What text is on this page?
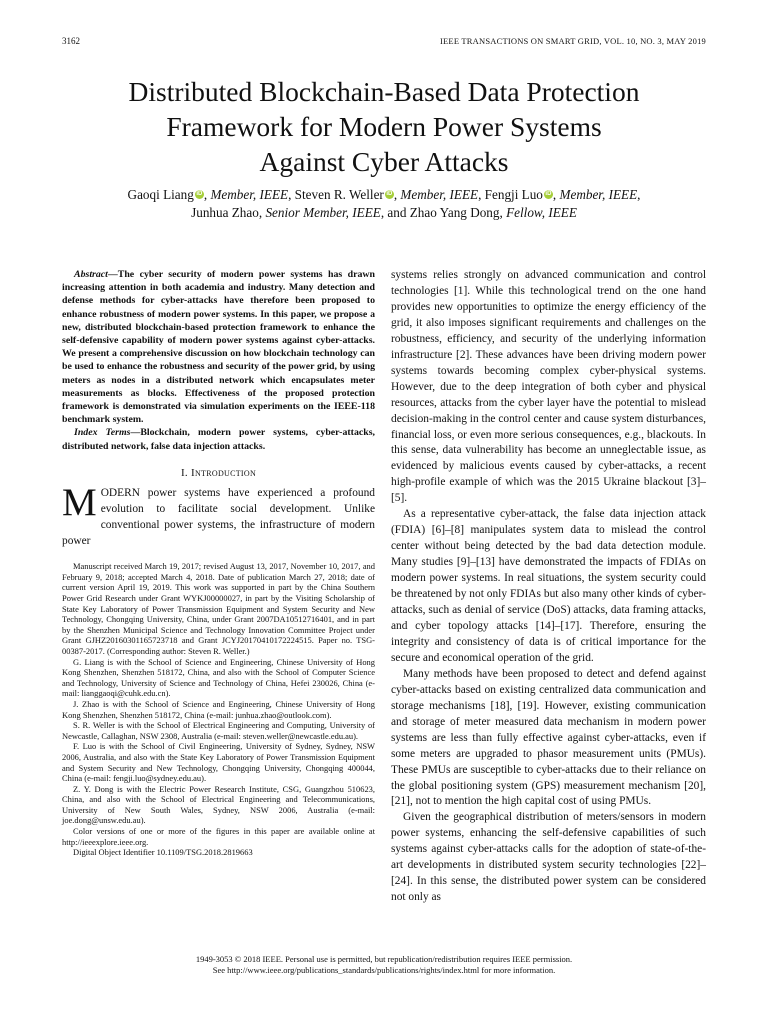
3162	IEEE TRANSACTIONS ON SMART GRID, VOL. 10, NO. 3, MAY 2019
Distributed Blockchain-Based Data Protection
Framework for Modern Power Systems
Against Cyber Attacks
Gaoqi Liang iD , Member, IEEE, Steven R. Weller iD , Member, IEEE, Fengji Luo iD , Member, IEEE,
Junhua Zhao, Senior Member, IEEE, and Zhao Yang Dong, Fellow, IEEE

Abstract—The cyber security of modern power systems has drawn increasing attention in both academia and industry. Many detection and defense methods for cyber-attacks have therefore been proposed to enhance robustness of modern power systems. In this paper, we propose a new, distributed blockchain-based protection framework to enhance the self-defensive capability of modern power systems against cyber-attacks. We present a comprehensive discussion on how blockchain technology can be used to enhance the robustness and security of the power grid, by using meters as nodes in a distributed network which encapsulates meter measurements as blocks. Effectiveness of the proposed protection framework is demonstrated via simulation experiments on the IEEE-118 benchmark system.

Index Terms—Blockchain, modern power systems, cyber-attacks, distributed network, false data injection attacks.

I. Introduction

MODERN power systems have experienced a profound evolution to facilitate social development. Unlike conventional power systems, the infrastructure of modern power

Manuscript received March 19, 2017; revised August 13, 2017, November 10, 2017, and February 9, 2018; accepted March 4, 2018. Date of publication March 27, 2018; date of current version April 19, 2019. This work was supported in part by the China Southern Power Grid Research under Grant WYKJ00000027, in part by the Visiting Scholarship of State Key Laboratory of Power Transmission Equipment and System Security and New Technology, Chongqing University, China, under Grant 2007DA10512716401, and in part by the Shenzhen Municipal Science and Technology Innovation Committee Project under Grant GJHZ20160301165723718 and Grant JCYJ20170410172224515. Paper no. TSG-00387-2017. (Corresponding author: Steven R. Weller.)

G. Liang is with the School of Science and Engineering, Chinese University of Hong Kong Shenzhen, Shenzhen 518172, China, and also with the School of Computer Science and Technology, University of Science and Technology of China, Hefei 230026, China (e-mail: lianggaoqi@cuhk.edu.cn).

J. Zhao is with the School of Science and Engineering, Chinese University of Hong Kong Shenzhen, Shenzhen 518172, China (e-mail: junhua.zhao@outlook.com).

S. R. Weller is with the School of Electrical Engineering and Computing, University of Newcastle, Callaghan, NSW 2308, Australia (e-mail: steven.weller@newcastle.edu.au).

F. Luo is with the School of Civil Engineering, University of Sydney, Sydney, NSW 2006, Australia, and also with the State Key Laboratory of Power Transmission Equipment and System Security and New Technology, Chongqing University, Chongqing 400044, China (e-mail: fengji.luo@sydney.edu.au).

Z. Y. Dong is with the Electric Power Research Institute, CSG, Guangzhou 510623, China, and also with the School of Electrical Engineering and Telecommunications, University of New South Wales, Sydney, NSW 2006, Australia (e-mail: joe.dong@unsw.edu.au).

Color versions of one or more of the figures in this paper are available online at http://ieeexplore.ieee.org.

Digital Object Identifier 10.1109/TSG.2018.2819663

systems relies strongly on advanced communication and control technologies [1]. While this technological trend on the one hand provides new opportunities to optimize the energy efficiency of the grid, it also imposes significant requirements and challenges on the robustness, efficiency, and security of the underlying information infrastructure [2]. These advances have been driving modern power systems towards becoming complex cyber-physical systems. However, due to the deep integration of both cyber and physical resources, attacks from the cyber layer have the potential to mislead decision-making in the control center and cause system disturbances, financial loss, or even more serious consequences, e.g., blackouts. In this sense, data vulnerability has become an unneglectable issue, as evidenced by malicious events caused by cyber-attacks, a recent high-profile example of which was the 2015 Ukraine blackout [3]–[5].

As a representative cyber-attack, the false data injection attack (FDIA) [6]–[8] manipulates system data to mislead the control center without being detected by the bad data detection module. Many studies [9]–[13] have demonstrated the impacts of FDIAs on modern power systems. In real situations, the system security could be threatened by not only FDIAs but also many other kinds of cyber-attacks, such as denial of service (DoS) attacks, data framing attacks, and cyber topology attacks [14]–[17]. Therefore, ensuring the integrity and consistency of data is of critical importance for the secure and economical operation of the grid.

Many methods have been proposed to detect and defend against cyber-attacks based on existing centralized data communication and storage mechanisms [18], [19]. However, existing communication and storage of meter measured data mechanism in modern power systems are less than fully effective against cyber-attacks, even if some meters are upgraded to phasor measurement units (PMUs). These PMUs are susceptible to cyber-attacks due to their reliance on the global positioning system (GPS) measurement mechanism [20], [21], not to mention the high capital cost of using PMUs.

Given the geographical distribution of meters/sensors in modern power systems, enhancing the self-defensive capabilities of such systems against cyber-attacks calls for the adoption of state-of-the-art developments in distributed system security technologies [22]–[24]. In this sense, the distributed power system can be considered not only as

1949-3053 © 2018 IEEE. Personal use is permitted, but republication/redistribution requires IEEE permission.
See http://www.ieee.org/publications_standards/publications/rights/index.html for more information.
